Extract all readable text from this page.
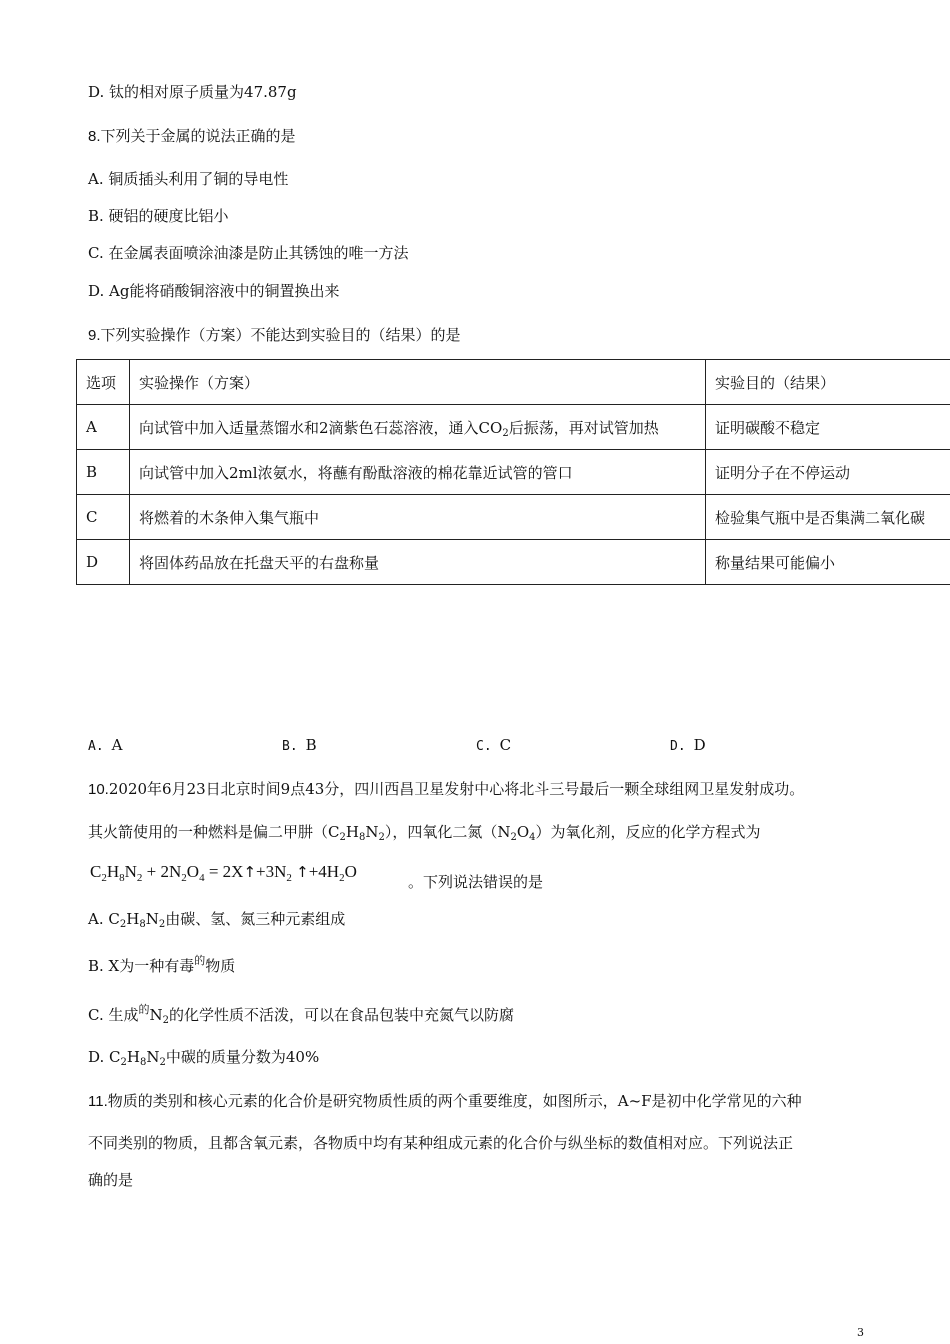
D. 钛的相对原子质量为47.87g
8.下列关于金属的说法正确的是
A. 铜质插头利用了铜的导电性
B. 硬铝的硬度比铝小
C. 在金属表面喷涂油漆是防止其锈蚀的唯一方法
D. Ag能将硝酸铜溶液中的铜置换出来
9.下列实验操作（方案）不能达到实验目的（结果）的是
选项	实验操作（方案）	实验目的（结果）
A	向试管中加入适量蒸馏水和2滴紫色石蕊溶液，通入$CO_2$后振荡，再对试管加热	证明碳酸不稳定
B	向试管中加入2ml浓氨水，将蘸有酚酞溶液的棉花靠近试管的管口	证明分子在不停运动
C	将燃着的木条伸入集气瓶中	检验集气瓶中是否集满二氧化碳
D	将固体药品放在托盘天平的右盘称量	称量结果可能偏小
A. A	B. B	C. C	D. D
10.2020年6月23日北京时间9点43分，四川西昌卫星发射中心将北斗三号最后一颗全球组网卫星发射成功。
其火箭使用的一种燃料是偏二甲肼$(C_2H_8N_2)$，四氧化二氮$(N_2O_4)$为氧化剂，反应的化学方程式为
$C_2H_8N_2 + 2N_2O_4$ = $2X↑+3N_2$ $↑+4H_2O$
。下列说法错误的是
A. $C_2H_8N_2$由碳、氢、氮三种元素组成
B. X为一种有毒$^的$物质
C. 生成$^的N_2$的化学性质不活泼，可以在食品包装中充氮气以防腐
D. $C_2H_8N_2$中碳的质量分数为40%
11.物质的类别和核心元素的化合价是研究物质性质的两个重要维度，如图所示，A~F是初中化学常见的六种
不同类别的物质，且都含氧元素，各物质中均有某种组成元素的化合价与纵坐标的数值相对应。下列说法正
确的是
3
